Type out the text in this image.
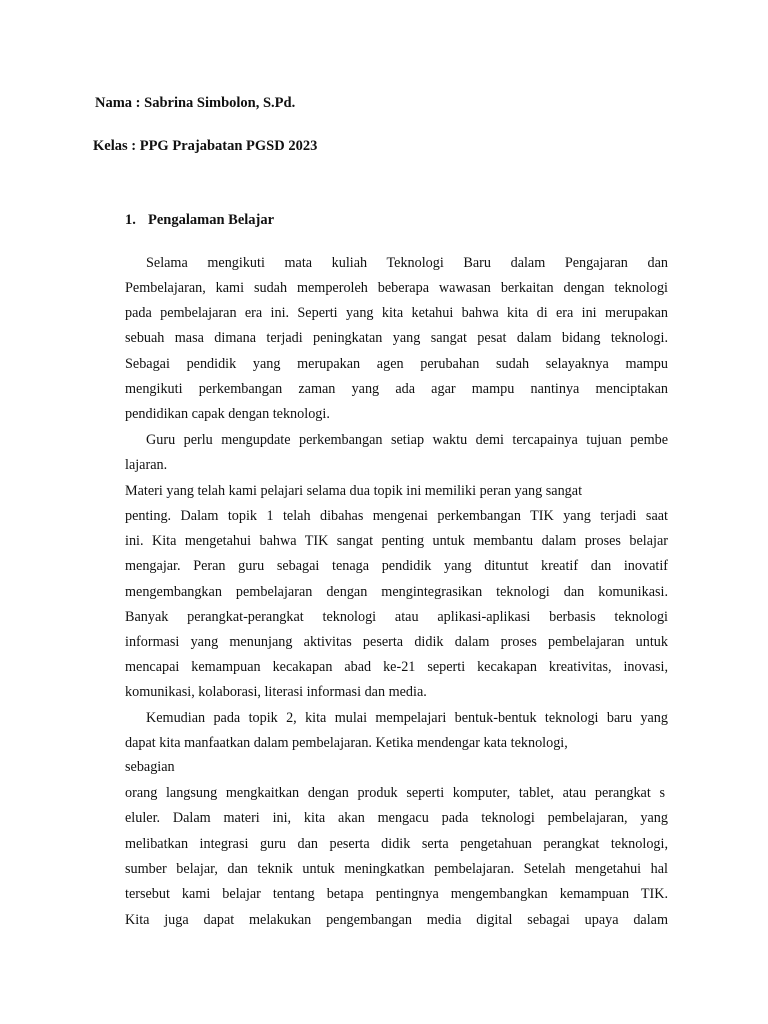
Nama : Sabrina Simbolon, S.Pd.
Kelas : PPG Prajabatan PGSD 2023
1. Pengalaman Belajar
Selama mengikuti mata kuliah Teknologi Baru dalam Pengajaran dan
Pembelajaran, kami sudah memperoleh beberapa wawasan berkaitan dengan teknologi
pada pembelajaran era ini. Seperti yang kita ketahui bahwa kita di era ini merupakan
sebuah masa dimana terjadi peningkatan yang sangat pesat dalam bidang teknologi.
Sebagai pendidik yang merupakan agen perubahan sudah selayaknya mampu
mengikuti perkembangan zaman yang ada agar mampu nantinya menciptakan
pendidikan capak dengan teknologi.
Guru perlu mengupdate perkembangan setiap waktu demi tercapainya tujuan pembe
lajaran.
Materi yang telah kami pelajari selama dua topik ini memiliki peran yang sangat
penting. Dalam topik 1 telah dibahas mengenai perkembangan TIK yang terjadi saat
ini. Kita mengetahui bahwa TIK sangat penting untuk membantu dalam proses belajar
mengajar. Peran guru sebagai tenaga pendidik yang dituntut kreatif dan inovatif
mengembangkan pembelajaran dengan mengintegrasikan teknologi dan komunikasi.
Banyak perangkat-perangkat teknologi atau aplikasi-aplikasi berbasis teknologi
informasi yang menunjang aktivitas peserta didik dalam proses pembelajaran untuk
mencapai kemampuan kecakapan abad ke-21 seperti kecakapan kreativitas, inovasi,
komunikasi, kolaborasi, literasi informasi dan media.
Kemudian pada topik 2, kita mulai mempelajari bentuk-bentuk teknologi baru yang
dapat kita manfaatkan dalam pembelajaran. Ketika mendengar kata teknologi,
sebagian
orang langsung mengkaitkan dengan produk seperti komputer, tablet, atau perangkat s
eluler. Dalam materi ini, kita akan mengacu pada teknologi pembelajaran, yang
melibatkan integrasi guru dan peserta didik serta pengetahuan perangkat teknologi,
sumber belajar, dan teknik untuk meningkatkan pembelajaran. Setelah mengetahui hal
tersebut kami belajar tentang betapa pentingnya mengembangkan kemampuan TIK.
Kita juga dapat melakukan pengembangan media digital sebagai upaya dalam
